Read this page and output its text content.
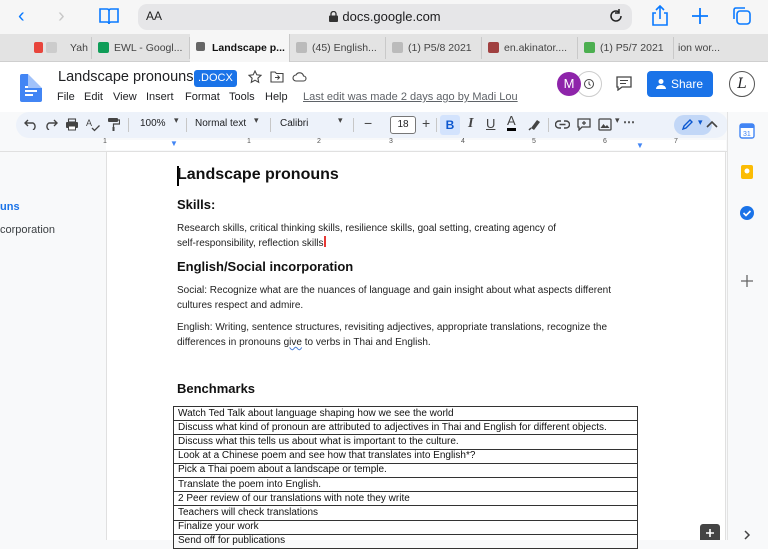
‹ ›	docs.google.com
AA
Yah	EWL - Googl...	Landscape p...	(45) English...	(1) P5/8 2021	en.akinator....	(1) P5/7 2021	ion wor...
Landscape pronouns .DOCX
File Edit View Insert Format Tools Help Last edit was made 2 days ago by Madi Lou
M	Share	L
A	100% ▾ Normal text ▾ Calibri	▾ −	18 +	B I U A	▾ ⋯	▾
1	▼	1	2	3	4	5	6	▼	7
uns
corporation
31
Landscape pronouns
Skills:
Research skills, critical thinking skills, resilience skills, goal setting, creating agency of
self-responsibility, reflection skills
English/Social incorporation
Social: Recognize what are the nuances of language and gain insight about what aspects different cultures respect and admire.
English: Writing, sentence structures, revisiting adjectives, appropriate translations, recognize the differences in pronouns give to verbs in Thai and English.
Benchmarks
Watch Ted Talk about language shaping how we see the world
Discuss what kind of pronoun are attributed to adjectives in Thai and English for different objects.
Discuss what this tells us about what is important to the culture.
Look at a Chinese poem and see how that translates into English*?
Pick a Thai poem about a landscape or temple.
Translate the poem into English.
2 Peer review of our translations with note they write
Teachers will check translations
Finalize your work
Send off for publications
